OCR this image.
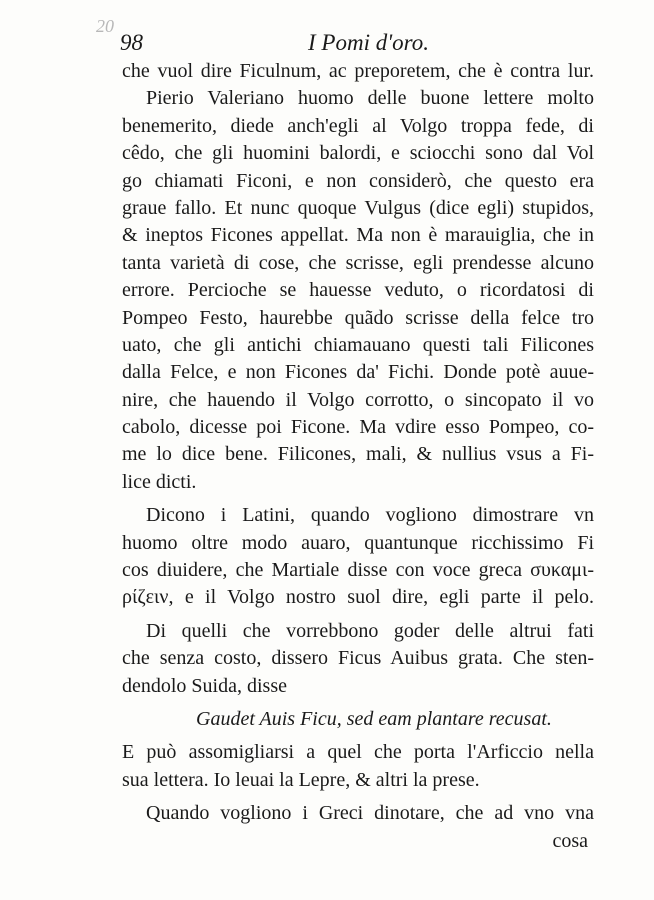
20
98	I Pomi d'oro.
che vuol dire Ficulnum, ac preporetem, che è contra lur.
Pierio Valeriano huomo delle buone lettere molto
benemerito, diede anch'egli al Volgo troppa fede, di
cêdo, che gli huomini balordi, e sciocchi sono dal Vol
go chiamati Ficoni, e non considerò, che questo era
graue fallo. Et nunc quoque Vulgus (dice egli) stupidos,
& ineptos Ficones appellat. Ma non è marauiglia, che in
tanta varietà di cose, che scrisse, egli prendesse alcuno
errore. Percioche se hauesse veduto, o ricordatosi di
Pompeo Festo, haurebbe quãdo scrisse della felce tro
uato, che gli antichi chiamauano questi tali Filicones
dalla Felce, e non Ficones da' Fichi. Donde potè auue-
nire, che hauendo il Volgo corrotto, o sincopato il vo
cabolo, dicesse poi Ficone. Ma vdire esso Pompeo, co-
me lo dice bene. Filicones, mali, & nullius vsus a Fi-
lice dicti.
Dicono i Latini, quando vogliono dimostrare vn
huomo oltre modo auaro, quantunque ricchissimo Fi
cos diuidere, che Martiale disse con voce greca συκαμι-
ρίζειν, e il Volgo nostro suol dire, egli parte il pelo.
Di quelli che vorrebbono goder delle altrui fati
che senza costo, dissero Ficus Auibus grata. Che sten-
dendolo Suida, disse
Gaudet Auis Ficu, sed eam plantare recusat.
E può assomigliarsi a quel che porta l'Arficcio nella
sua lettera. Io leuai la Lepre, & altri la prese.
Quando vogliono i Greci dinotare, che ad vno vna
cosa
